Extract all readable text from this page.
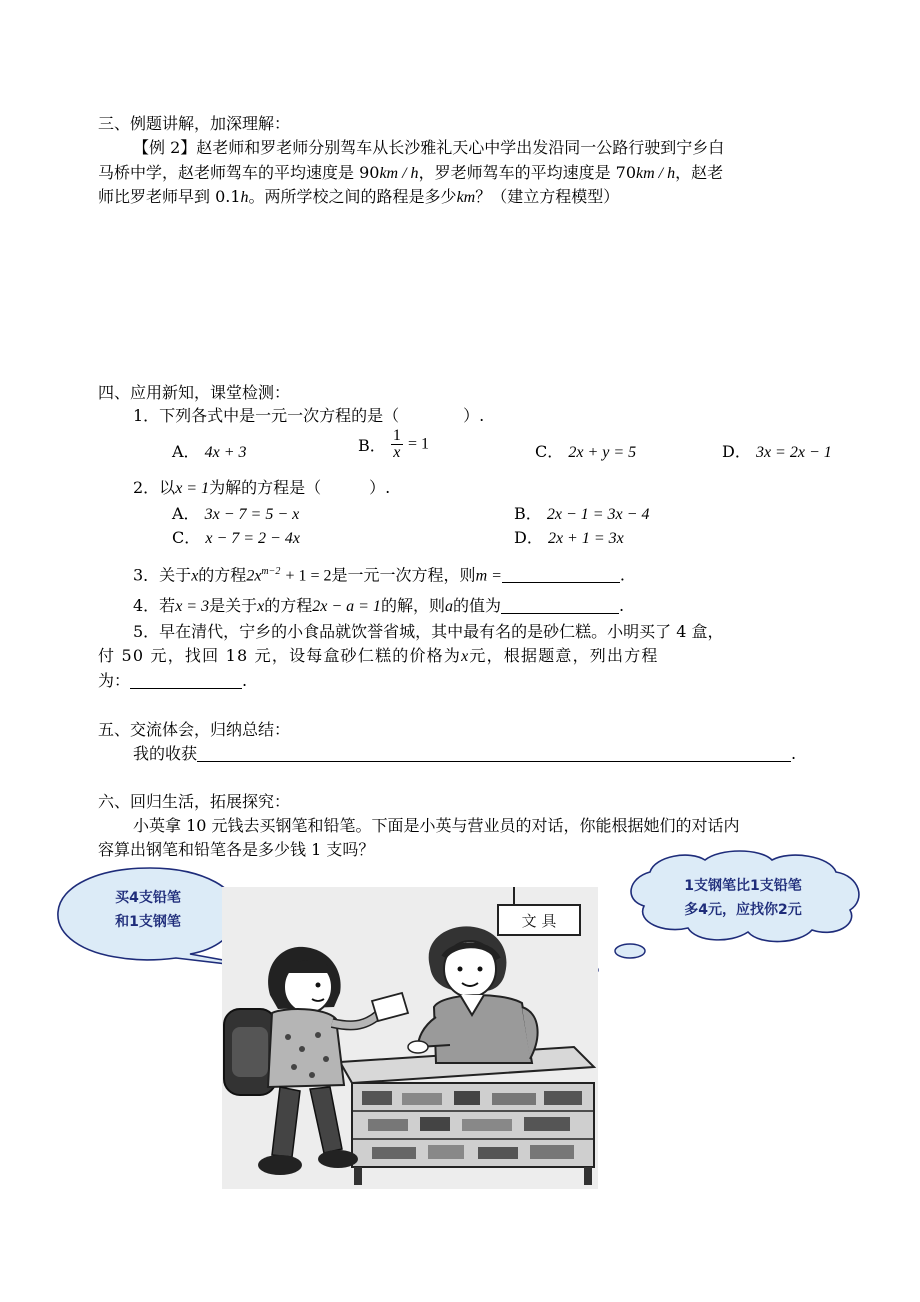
三、例题讲解，加深理解：
【例 2】赵老师和罗老师分别驾车从长沙雅礼天心中学出发沿同一公路行驶到宁乡白
马桥中学，赵老师驾车的平均速度是 90km / h，罗老师驾车的平均速度是 70km / h，赵老
师比罗老师早到 0.1h。两所学校之间的路程是多少km？（建立方程模型）
四、应用新知，课堂检测：
1．下列各式中是一元一次方程的是（　　　　）.
A． 4x + 3	B． $\frac{1}{x} = 1$	C． 2x + y = 5	D． 3x = 2x − 1
2．以x = 1为解的方程是（　　　）.
A． 3x − 7 = 5 − x	B． 2x − 1 = 3x − 4
C． x − 7 = 2 − 4x	D． 2x + 1 = 3x
3．关于x的方程$2x^{m-2} + 1 = 2$是一元一次方程，则m =	.
4．若x = 3是关于x的方程2x − a = 1的解，则a的值为	.
5．早在清代，宁乡的小食品就饮誉省城，其中最有名的是砂仁糕。小明买了 4 盒，
付 50 元，找回 18 元，设每盒砂仁糕的价格为x元，根据题意，列出方程
为：	.
五、交流体会，归纳总结：
我的收获	.
六、回归生活，拓展探究：
小英拿 10 元钱去买钢笔和铅笔。下面是小英与营业员的对话，你能根据她们的对话内
容算出钢笔和铅笔各是多少钱 1 支吗？
买4支铅笔
和1支钢笔
1支钢笔比1支铅笔
多4元，应找你2元
文 具
